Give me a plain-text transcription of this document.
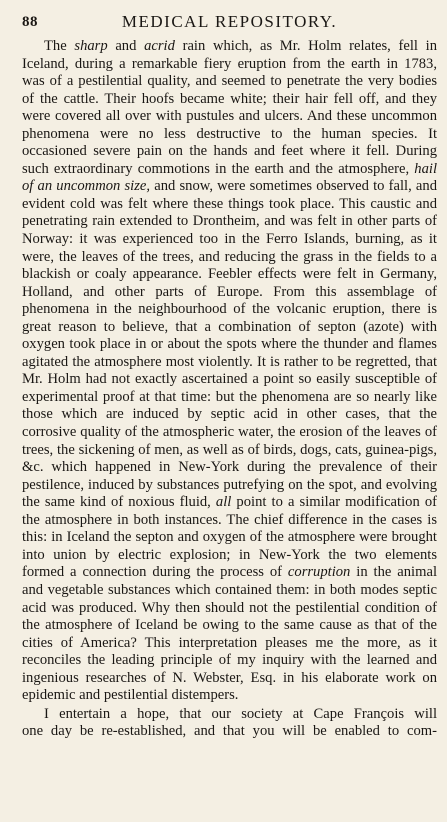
88	MEDICAL REPOSITORY.

The sharp and acrid rain which, as Mr. Holm relates, fell in Iceland, during a remarkable fiery eruption from the earth in 1783, was of a pestilential quality, and seemed to penetrate the very bodies of the cattle. Their hoofs became white; their hair fell off, and they were covered all over with pustules and ulcers. And these uncommon phenomena were no less destructive to the human species. It occasioned severe pain on the hands and feet where it fell. During such extraordinary commotions in the earth and the atmosphere, hail of an uncommon size, and snow, were sometimes observed to fall, and evident cold was felt where these things took place. This caustic and penetrating rain extended to Drontheim, and was felt in other parts of Norway: it was experienced too in the Ferro Islands, burning, as it were, the leaves of the trees, and reducing the grass in the fields to a blackish or coaly appearance. Feebler effects were felt in Germany, Holland, and other parts of Europe. From this assemblage of phenomena in the neighbourhood of the volcanic eruption, there is great reason to believe, that a combination of septon (azote) with oxygen took place in or about the spots where the thunder and flames agitated the atmosphere most violently. It is rather to be regretted, that Mr. Holm had not exactly ascertained a point so easily susceptible of experimental proof at that time: but the phenomena are so nearly like those which are induced by septic acid in other cases, that the corrosive quality of the atmospheric water, the erosion of the leaves of trees, the sickening of men, as well as of birds, dogs, cats, guinea-pigs, &c. which happened in New-York during the prevalence of their pestilence, induced by substances putrefying on the spot, and evolving the same kind of noxious fluid, all point to a similar modification of the atmosphere in both instances. The chief difference in the cases is this: in Iceland the septon and oxygen of the atmosphere were brought into union by electric explosion; in New-York the two elements formed a connection during the process of corruption in the animal and vegetable substances which contained them: in both modes septic acid was produced. Why then should not the pestilential condition of the atmosphere of Iceland be owing to the same cause as that of the cities of America? This interpretation pleases me the more, as it reconciles the leading principle of my inquiry with the learned and ingenious researches of N. Webster, Esq. in his elaborate work on epidemic and pestilential distempers.

I entertain a hope, that our society at Cape François will
one day be re-established, and that you will be enabled to com-
